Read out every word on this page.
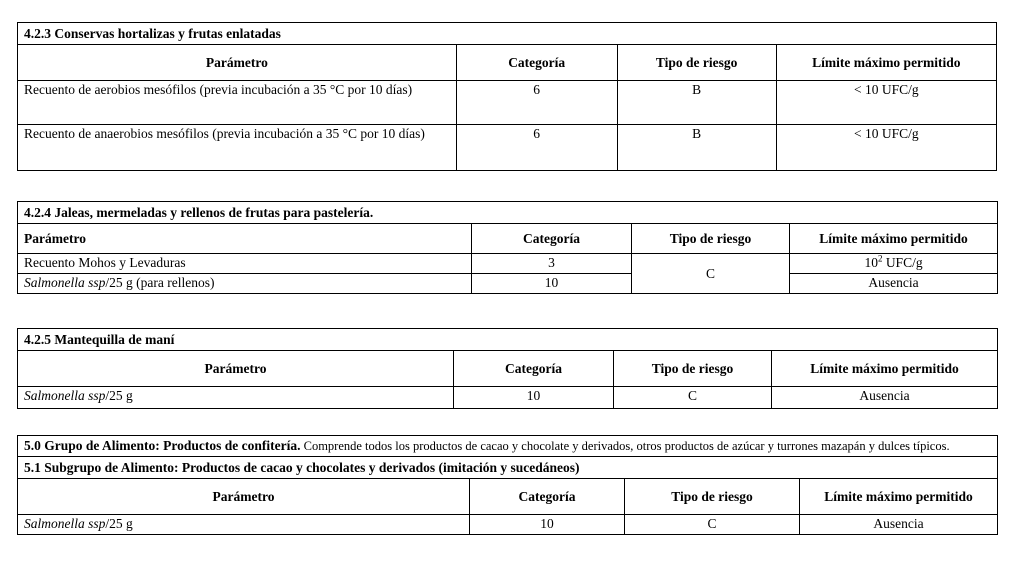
4.2.3 Conservas hortalizas y frutas enlatadas			
Parámetro	Categoría	Tipo de riesgo	Límite máximo permitido
Recuento de aerobios mesófilos (previa incubación a 35 °C por 10 días)	6	B	< 10 UFC/g
Recuento de anaerobios mesófilos (previa incubación a 35 °C por 10 días)	6	B	< 10 UFC/g
4.2.4 Jaleas, mermeladas y rellenos de frutas para pastelería.			
Parámetro	Categoría	Tipo de riesgo	Límite máximo permitido
Recuento Mohos y Levaduras	3	C	$10^2$ UFC/g
Salmonella ssp/25 g (para rellenos)	10		Ausencia
4.2.5 Mantequilla de maní			
Parámetro	Categoría	Tipo de riesgo	Límite máximo permitido
Salmonella ssp/25 g	10	C	Ausencia
5.0 Grupo de Alimento: Productos de confitería. Comprende todos los productos de cacao y chocolate y derivados, otros productos de azúcar y turrones mazapán y dulces típicos.			
5.1 Subgrupo de Alimento: Productos de cacao y chocolates y derivados (imitación y sucedáneos)			
Parámetro	Categoría	Tipo de riesgo	Límite máximo permitido
Salmonella ssp/25 g	10	C	Ausencia
